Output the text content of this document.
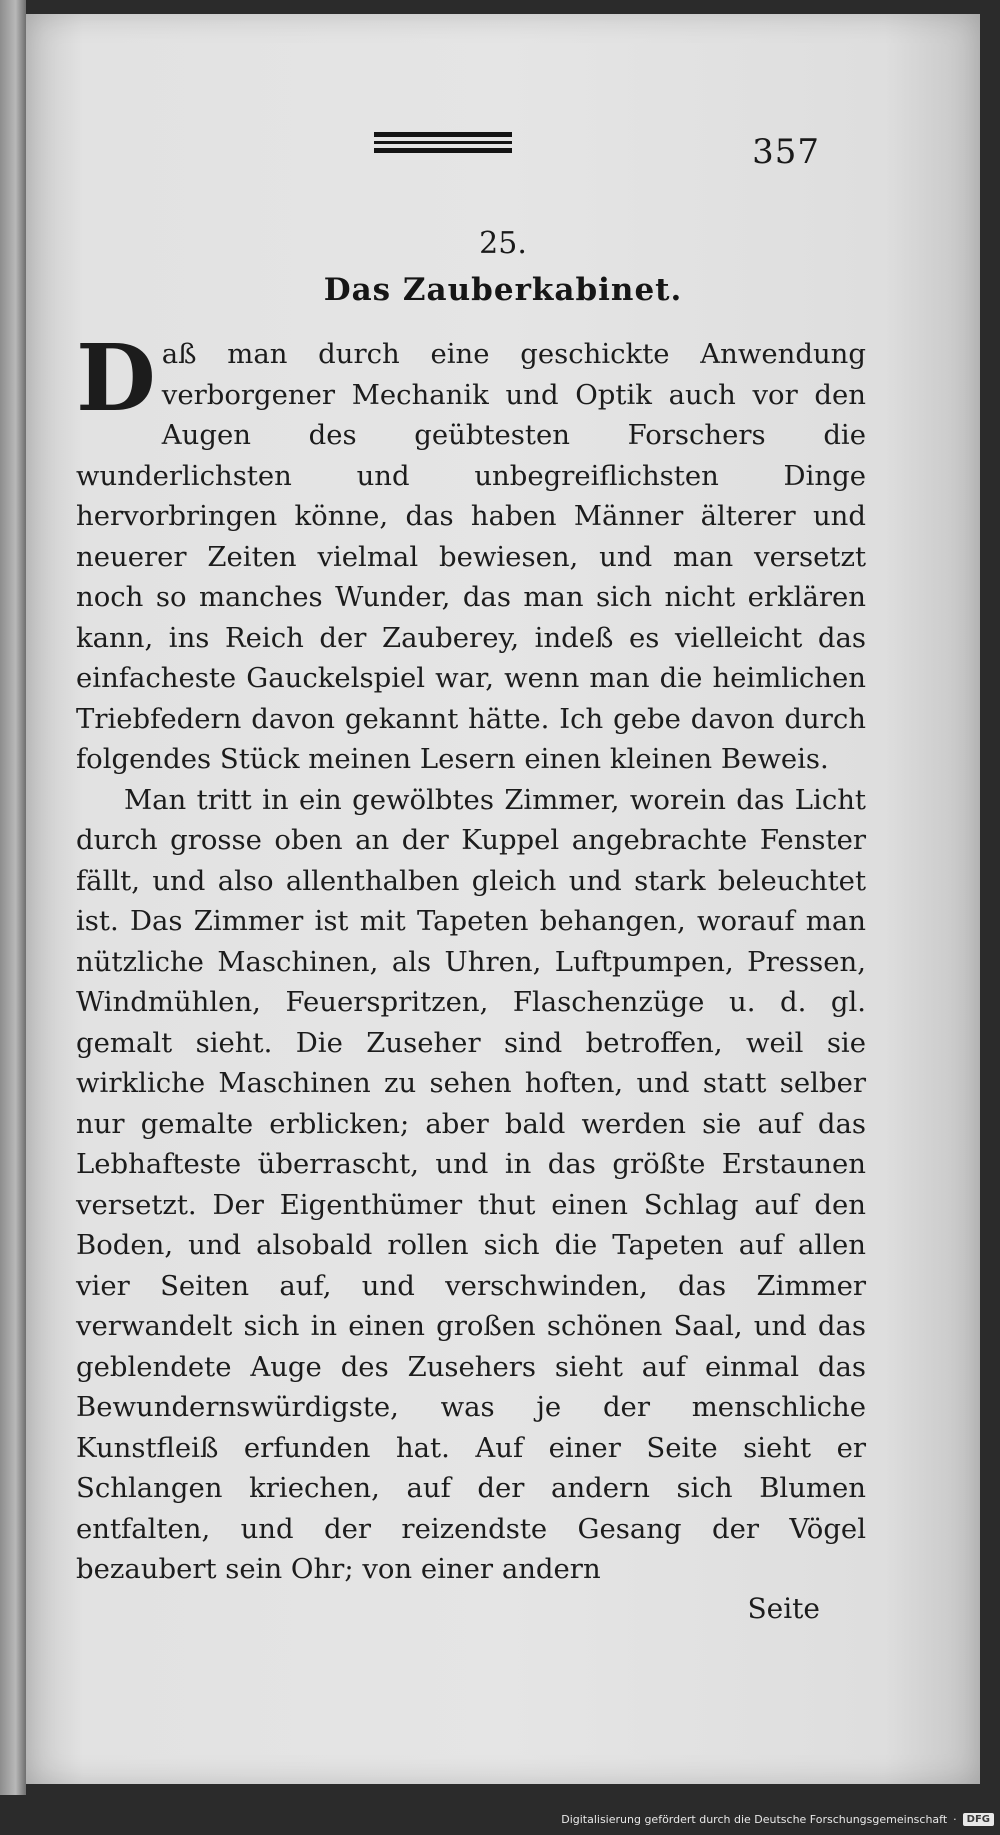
357
25.
Das Zauberkabinet.

Daß man durch eine geschickte Anwendung verborgener Mechanik und Optik auch vor den Augen des geübtesten Forschers die wunderlichsten und unbegreiflichsten Dinge hervorbringen könne, das haben Männer älterer und neuerer Zeiten vielmal bewiesen, und man versetzt noch so manches Wunder, das man sich nicht erklären kann, ins Reich der Zauberey, indeß es vielleicht das einfacheste Gauckelspiel war, wenn man die heimlichen Triebfedern davon gekannt hätte. Ich gebe davon durch folgendes Stück meinen Lesern einen kleinen Beweis.

Man tritt in ein gewölbtes Zimmer, worein das Licht durch grosse oben an der Kuppel angebrachte Fenster fällt, und also allenthalben gleich und stark beleuchtet ist. Das Zimmer ist mit Tapeten behangen, worauf man nützliche Maschinen, als Uhren, Luftpumpen, Pressen, Windmühlen, Feuerspritzen, Flaschenzüge u. d. gl. gemalt sieht. Die Zuseher sind betroffen, weil sie wirkliche Maschinen zu sehen hoften, und statt selber nur gemalte erblicken; aber bald werden sie auf das Lebhafteste überrascht, und in das größte Erstaunen versetzt. Der Eigenthümer thut einen Schlag auf den Boden, und alsobald rollen sich die Tapeten auf allen vier Seiten auf, und verschwinden, das Zimmer verwandelt sich in einen großen schönen Saal, und das geblendete Auge des Zusehers sieht auf einmal das Bewundernswürdigste, was je der menschliche Kunstfleiß erfunden hat. Auf einer Seite sieht er Schlangen kriechen, auf der andern sich Blumen entfalten, und der reizendste Gesang der Vögel bezaubert sein Ohr; von einer andern

Seite
Digitalisierung gefördert durch die Deutsche Forschungsgemeinschaft ·	DFG
